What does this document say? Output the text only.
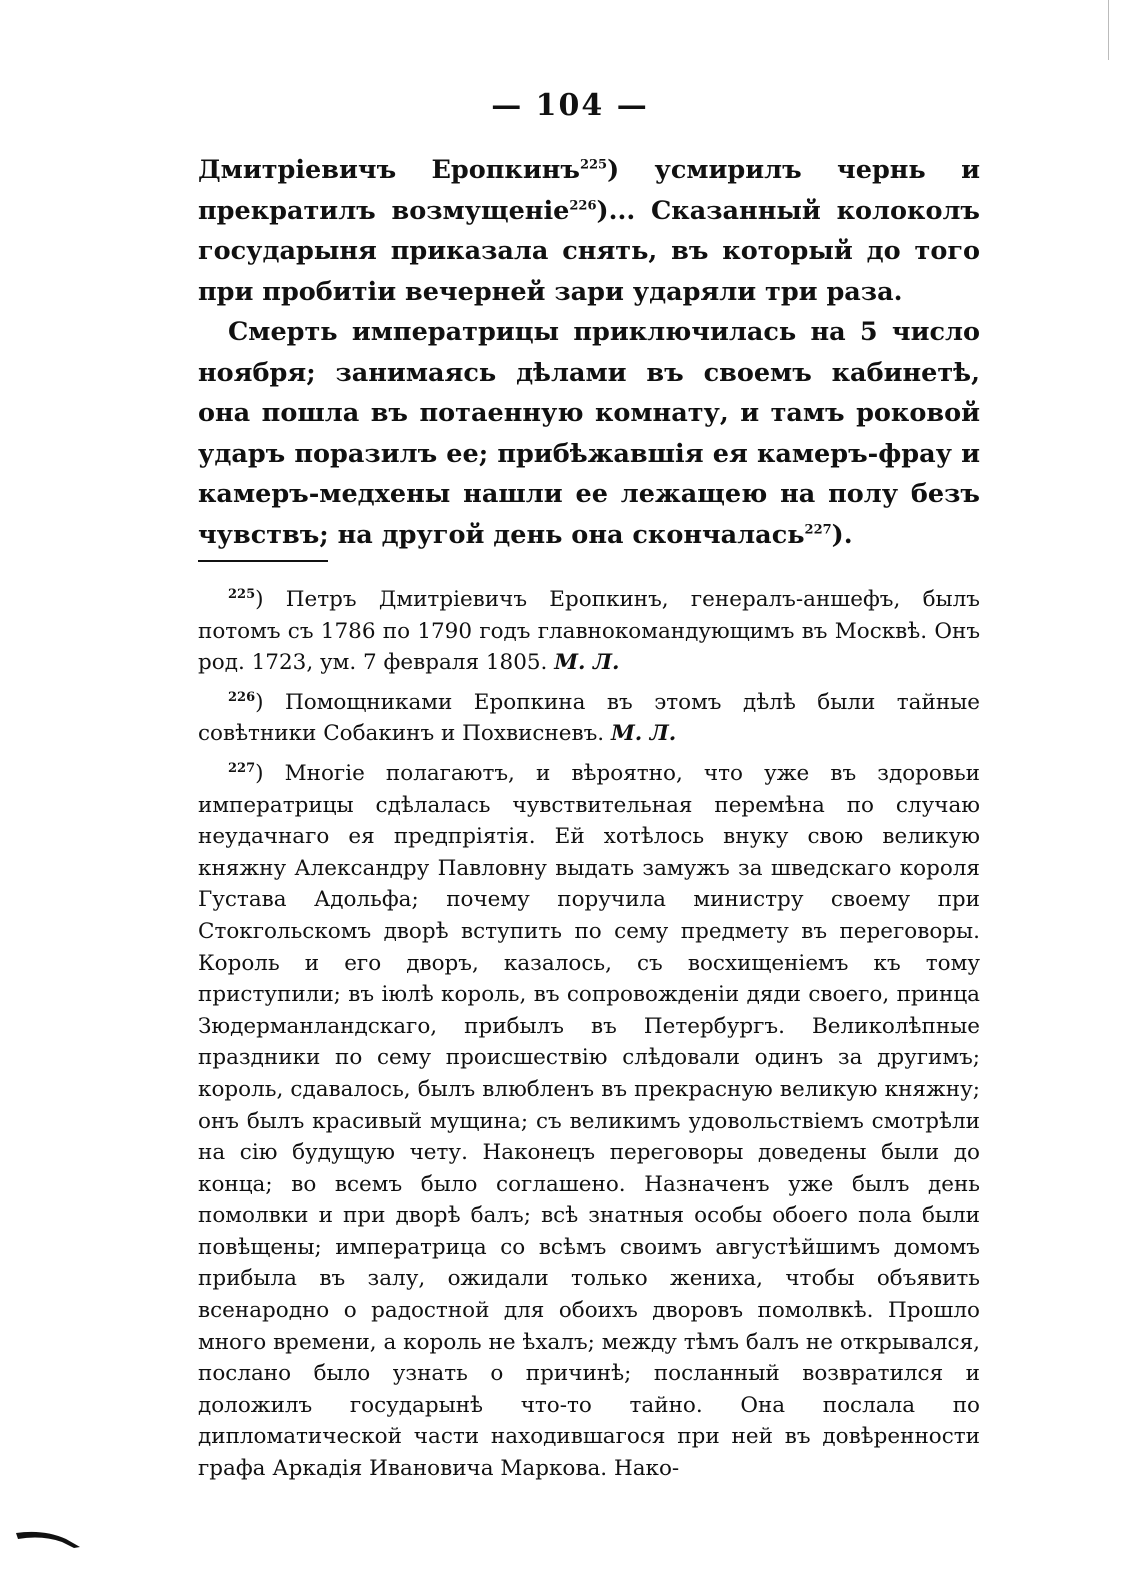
— 104 —

Дмитріевичъ Еропкинъ$^{225}$) усмирилъ чернь и прекратилъ возмущеніе$^{226}$)... Сказанный колоколъ государыня приказала снять, въ который до того при пробитіи вечерней зари ударяли три раза.

Смерть императрицы приключилась на 5 число ноября; занимаясь дѣлами въ своемъ кабинетѣ, она пошла въ потаенную комнату, и тамъ роковой ударъ поразилъ ее; прибѣжавшія ея камеръ-фрау и камеръ-медхены нашли ее лежащею на полу безъ чувствъ; на другой день она скончалась$^{227}$).

$^{225}$) Петръ Дмитріевичъ Еропкинъ, генералъ-аншефъ, былъ потомъ съ 1786 по 1790 годъ главнокомандующимъ въ Москвѣ. Онъ род. 1723, ум. 7 февраля 1805. М. Л.

$^{226}$) Помощниками Еропкина въ этомъ дѣлѣ были тайные совѣтники Собакинъ и Похвисневъ. М. Л.

$^{227}$) Многіе полагаютъ, и вѣроятно, что уже въ здоровьи императрицы сдѣлалась чувствительная перемѣна по случаю неудачнаго ея предпріятія. Ей хотѣлось внуку свою великую княжну Александру Павловну выдать замужъ за шведскаго короля Густава Адольфа; почему поручила министру своему при Стокгольскомъ дворѣ вступить по сему предмету въ переговоры. Король и его дворъ, казалось, съ восхищеніемъ къ тому приступили; въ іюлѣ король, въ сопровожденіи дяди своего, принца Зюдерманландскаго, прибылъ въ Петербургъ. Великолѣпные праздники по сему происшествію слѣдовали одинъ за другимъ; король, сдавалось, былъ влюбленъ въ прекрасную великую княжну; онъ былъ красивый мущина; съ великимъ удовольствіемъ смотрѣли на сію будущую чету. Наконецъ переговоры доведены были до конца; во всемъ было соглашено. Назначенъ уже былъ день помолвки и при дворѣ балъ; всѣ знатныя особы обоего пола были повѣщены; императрица со всѣмъ своимъ августѣйшимъ домомъ прибыла въ залу, ожидали только жениха, чтобы объявить всенародно о радостной для обоихъ дворовъ помолвкѣ. Прошло много времени, а король не ѣхалъ; между тѣмъ балъ не открывался, послано было узнать о причинѣ; посланный возвратился и доложилъ государынѣ что-то тайно. Она послала по дипломатической части находившагося при ней въ довѣренности графа Аркадія Ивановича Маркова. Нако-
